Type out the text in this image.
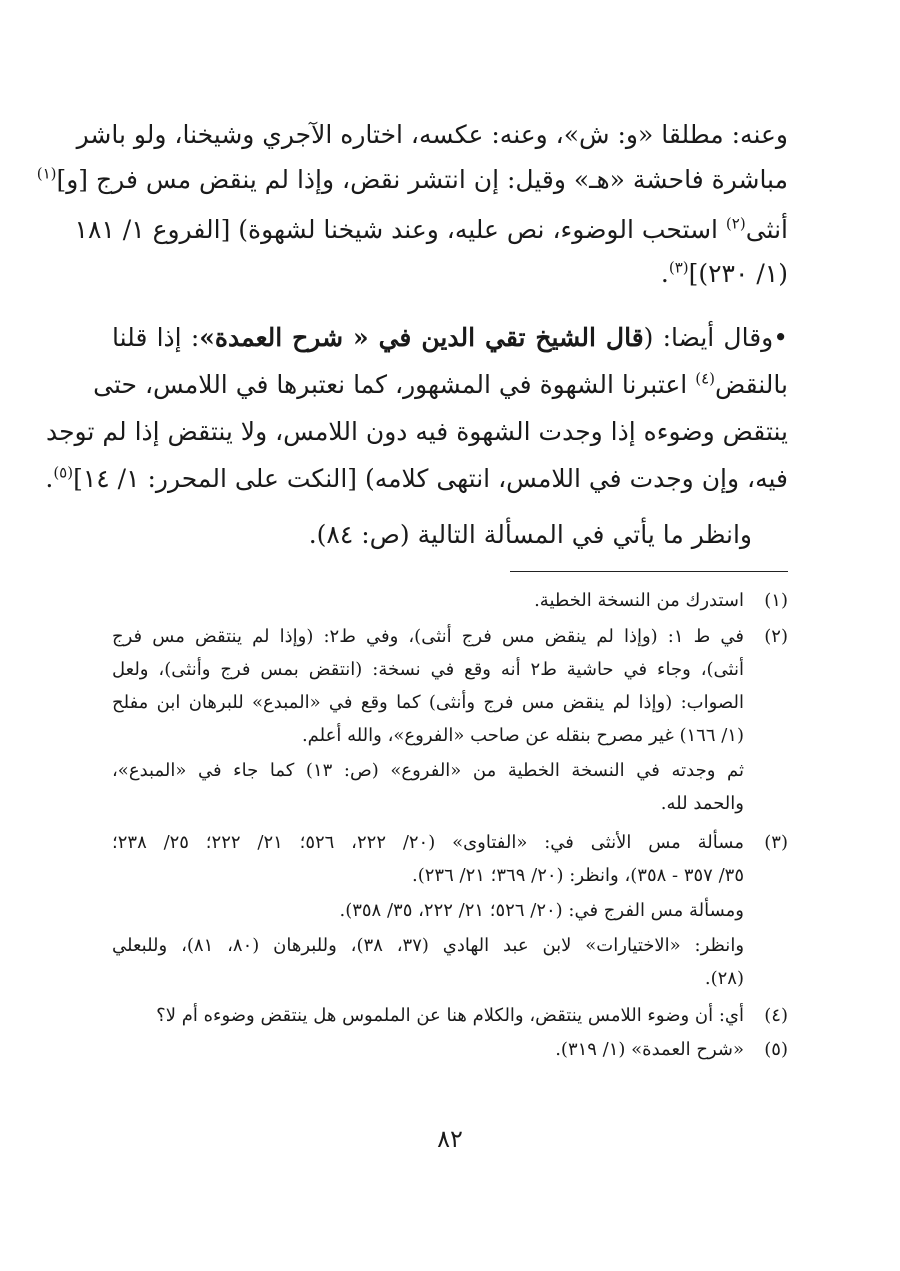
وعنه: مطلقا «و: ش»، وعنه: عكسه، اختاره الآجري وشيخنا، ولو باشر
مباشرة فاحشة «هـ» وقيل: إن انتشر نقض، وإذا لم ينقض مس فرج [و]$^{(١)}$
أنثى$^{(٢)}$ استحب الوضوء، نص عليه، وعند شيخنا لشهوة) [الفروع ١/ ١٨١
(١/ ٢٣٠)]$^{(٣)}$.
•وقال أيضا: (قال الشيخ تقي الدين في « شرح العمدة»: إذا قلنا
بالنقض$^{(٤)}$ اعتبرنا الشهوة في المشهور، كما نعتبرها في اللامس، حتى
ينتقض وضوءه إذا وجدت الشهوة فيه دون اللامس، ولا ينتقض إذا لم توجد
فيه، وإن وجدت في اللامس، انتهى كلامه) [النكت على المحرر: ١/ ١٤]$^{(٥)}$.
وانظر ما يأتي في المسألة التالية (ص: ٨٤).
(١)
استدرك من النسخة الخطية.
(٢)
في ط ١: (وإذا لم ينقض مس فرج أنثى)، وفي ط٢: (وإذا لم ينتقض مس فرج
أنثى)، وجاء في حاشية ط٢ أنه وقع في نسخة: (انتقض بمس فرج وأنثى)، ولعل
الصواب: (وإذا لم ينقض مس فرج وأنثى) كما وقع في «المبدع» للبرهان ابن مفلح
(١/ ١٦٦) غير مصرح بنقله عن صاحب «الفروع»، والله أعلم.
ثم وجدته في النسخة الخطية من «الفروع» (ص: ١٣) كما جاء في «المبدع»،
والحمد لله.
(٣)
مسألة مس الأنثى في: «الفتاوى» (٢٠/ ٢٢٢، ٥٢٦؛ ٢١/ ٢٢٢؛ ٢٥/ ٢٣٨؛
٣٥/ ٣٥٧ - ٣٥٨)، وانظر: (٢٠/ ٣٦٩؛ ٢١/ ٢٣٦).
ومسألة مس الفرج في: (٢٠/ ٥٢٦؛ ٢١/ ٢٢٢، ٣٥/ ٣٥٨).
وانظر: «الاختيارات» لابن عبد الهادي (٣٧، ٣٨)، وللبرهان (٨٠، ٨١)، وللبعلي
(٢٨).
(٤)
أي: أن وضوء اللامس ينتقض، والكلام هنا عن الملموس هل ينتقض وضوءه أم لا؟
(٥)
«شرح العمدة» (١/ ٣١٩).
٨٢
